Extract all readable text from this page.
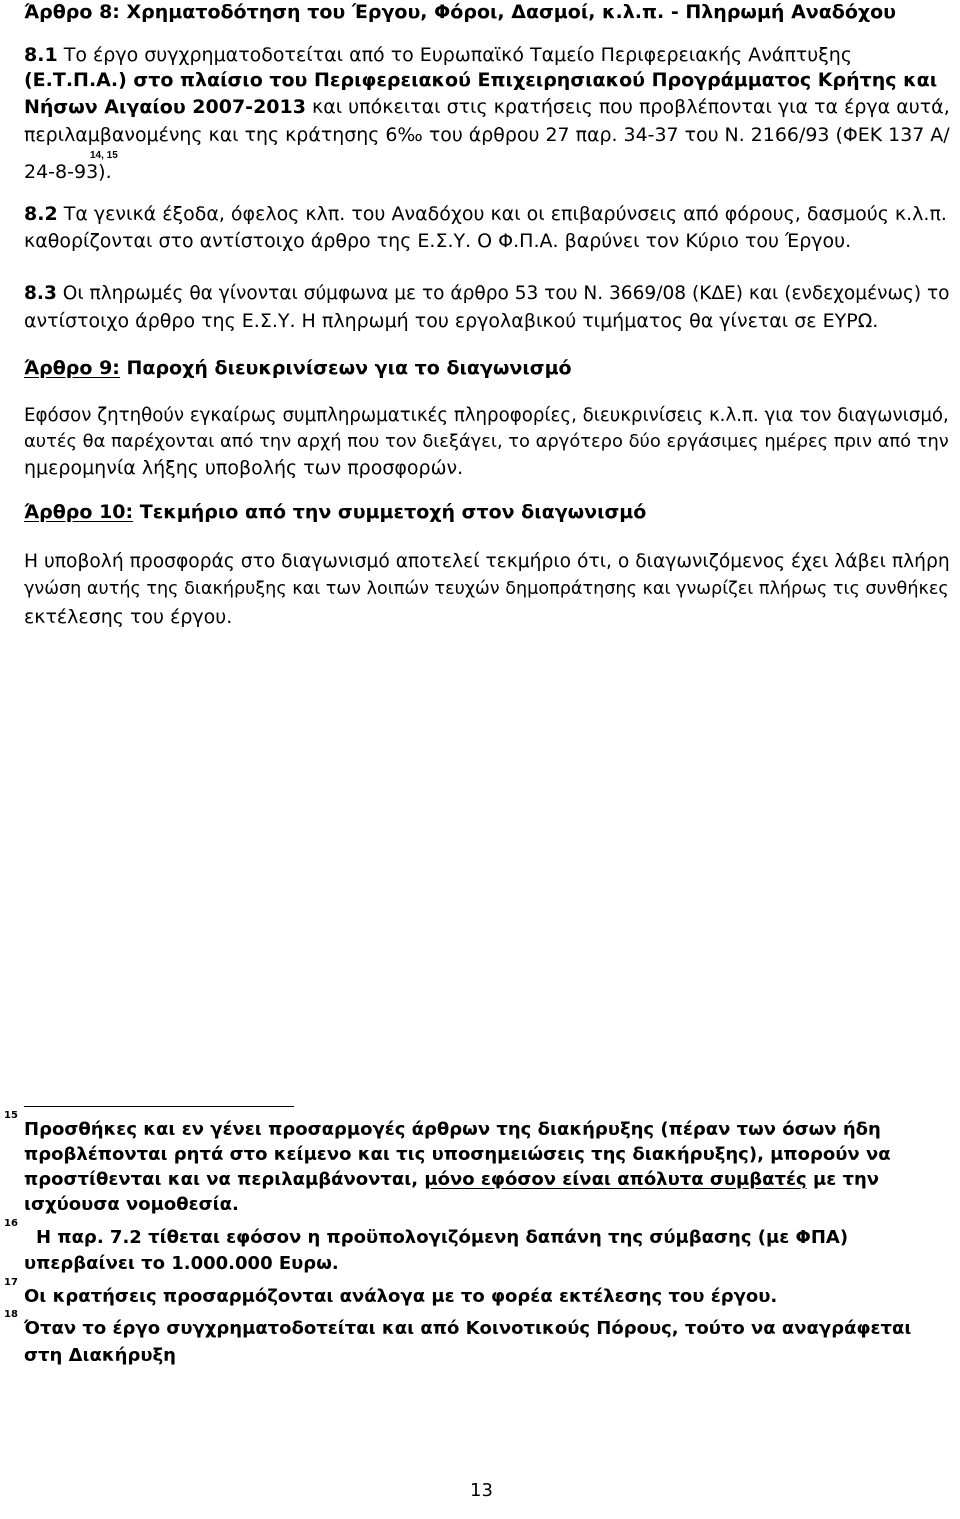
Άρθρο 8: Χρηματοδότηση του Έργου, Φόροι, Δασμοί, κ.λ.π. - Πληρωμή Αναδόχου
8.1 Το έργο συγχρηματοδοτείται από το Ευρωπαϊκό Ταμείο Περιφερειακής Ανάπτυξης
(Ε.Τ.Π.Α.) στο πλαίσιο του Περιφερειακού Επιχειρησιακού Προγράμματος Κρήτης και
Νήσων Αιγαίου 2007-2013 και υπόκειται στις κρατήσεις που προβλέπονται για τα έργα αυτά,
περιλαμβανομένης και της κράτησης 6‰ του άρθρου 27 παρ. 34-37 του Ν. 2166/93 (ΦΕΚ 137 Α/
14, 15
24-8-93).
8.2 Τα γενικά έξοδα, όφελος κλπ. του Αναδόχου και οι επιβαρύνσεις από φόρους, δασμούς κ.λ.π.
καθορίζονται στο αντίστοιχο άρθρο της Ε.Σ.Υ. Ο Φ.Π.Α. βαρύνει τον Κύριο του Έργου.
8.3 Οι πληρωμές θα γίνονται σύμφωνα με το άρθρο 53 του Ν. 3669/08 (ΚΔΕ) και (ενδεχομένως) το
αντίστοιχο άρθρο της Ε.Σ.Υ. Η πληρωμή του εργολαβικού τιμήματος θα γίνεται σε ΕΥΡΩ.
Άρθρο 9: Παροχή διευκρινίσεων για το διαγωνισμό
Εφόσον ζητηθούν εγκαίρως συμπληρωματικές πληροφορίες, διευκρινίσεις κ.λ.π. για τον διαγωνισμό,
αυτές θα παρέχονται από την αρχή που τον διεξάγει, το αργότερο δύο εργάσιμες ημέρες πριν από την
ημερομηνία λήξης υποβολής των προσφορών.
Άρθρο 10: Τεκμήριο από την συμμετοχή στον διαγωνισμό
Η υποβολή προσφοράς στο διαγωνισμό αποτελεί τεκμήριο ότι, ο διαγωνιζόμενος έχει λάβει πλήρη
γνώση αυτής της διακήρυξης και των λοιπών τευχών δημοπράτησης και γνωρίζει πλήρως τις συνθήκες
εκτέλεσης του έργου.
15
Προσθήκες και εν γένει προσαρμογές άρθρων της διακήρυξης (πέραν των όσων ήδη
προβλέπονται ρητά στο κείμενο και τις υποσημειώσεις της διακήρυξης), μπορούν να
προστίθενται και να περιλαμβάνονται, μόνο εφόσον είναι απόλυτα συμβατές με την
ισχύουσα νομοθεσία.
16
Η παρ. 7.2 τίθεται εφόσον η προϋπολογιζόμενη δαπάνη της σύμβασης (με ΦΠΑ)
υπερβαίνει το 1.000.000 Ευρω.
17
Οι κρατήσεις προσαρμόζονται ανάλογα με το φορέα εκτέλεσης του έργου.
18
Όταν το έργο συγχρηματοδοτείται και από Κοινοτικούς Πόρους, τούτο να αναγράφεται
στη Διακήρυξη
13
